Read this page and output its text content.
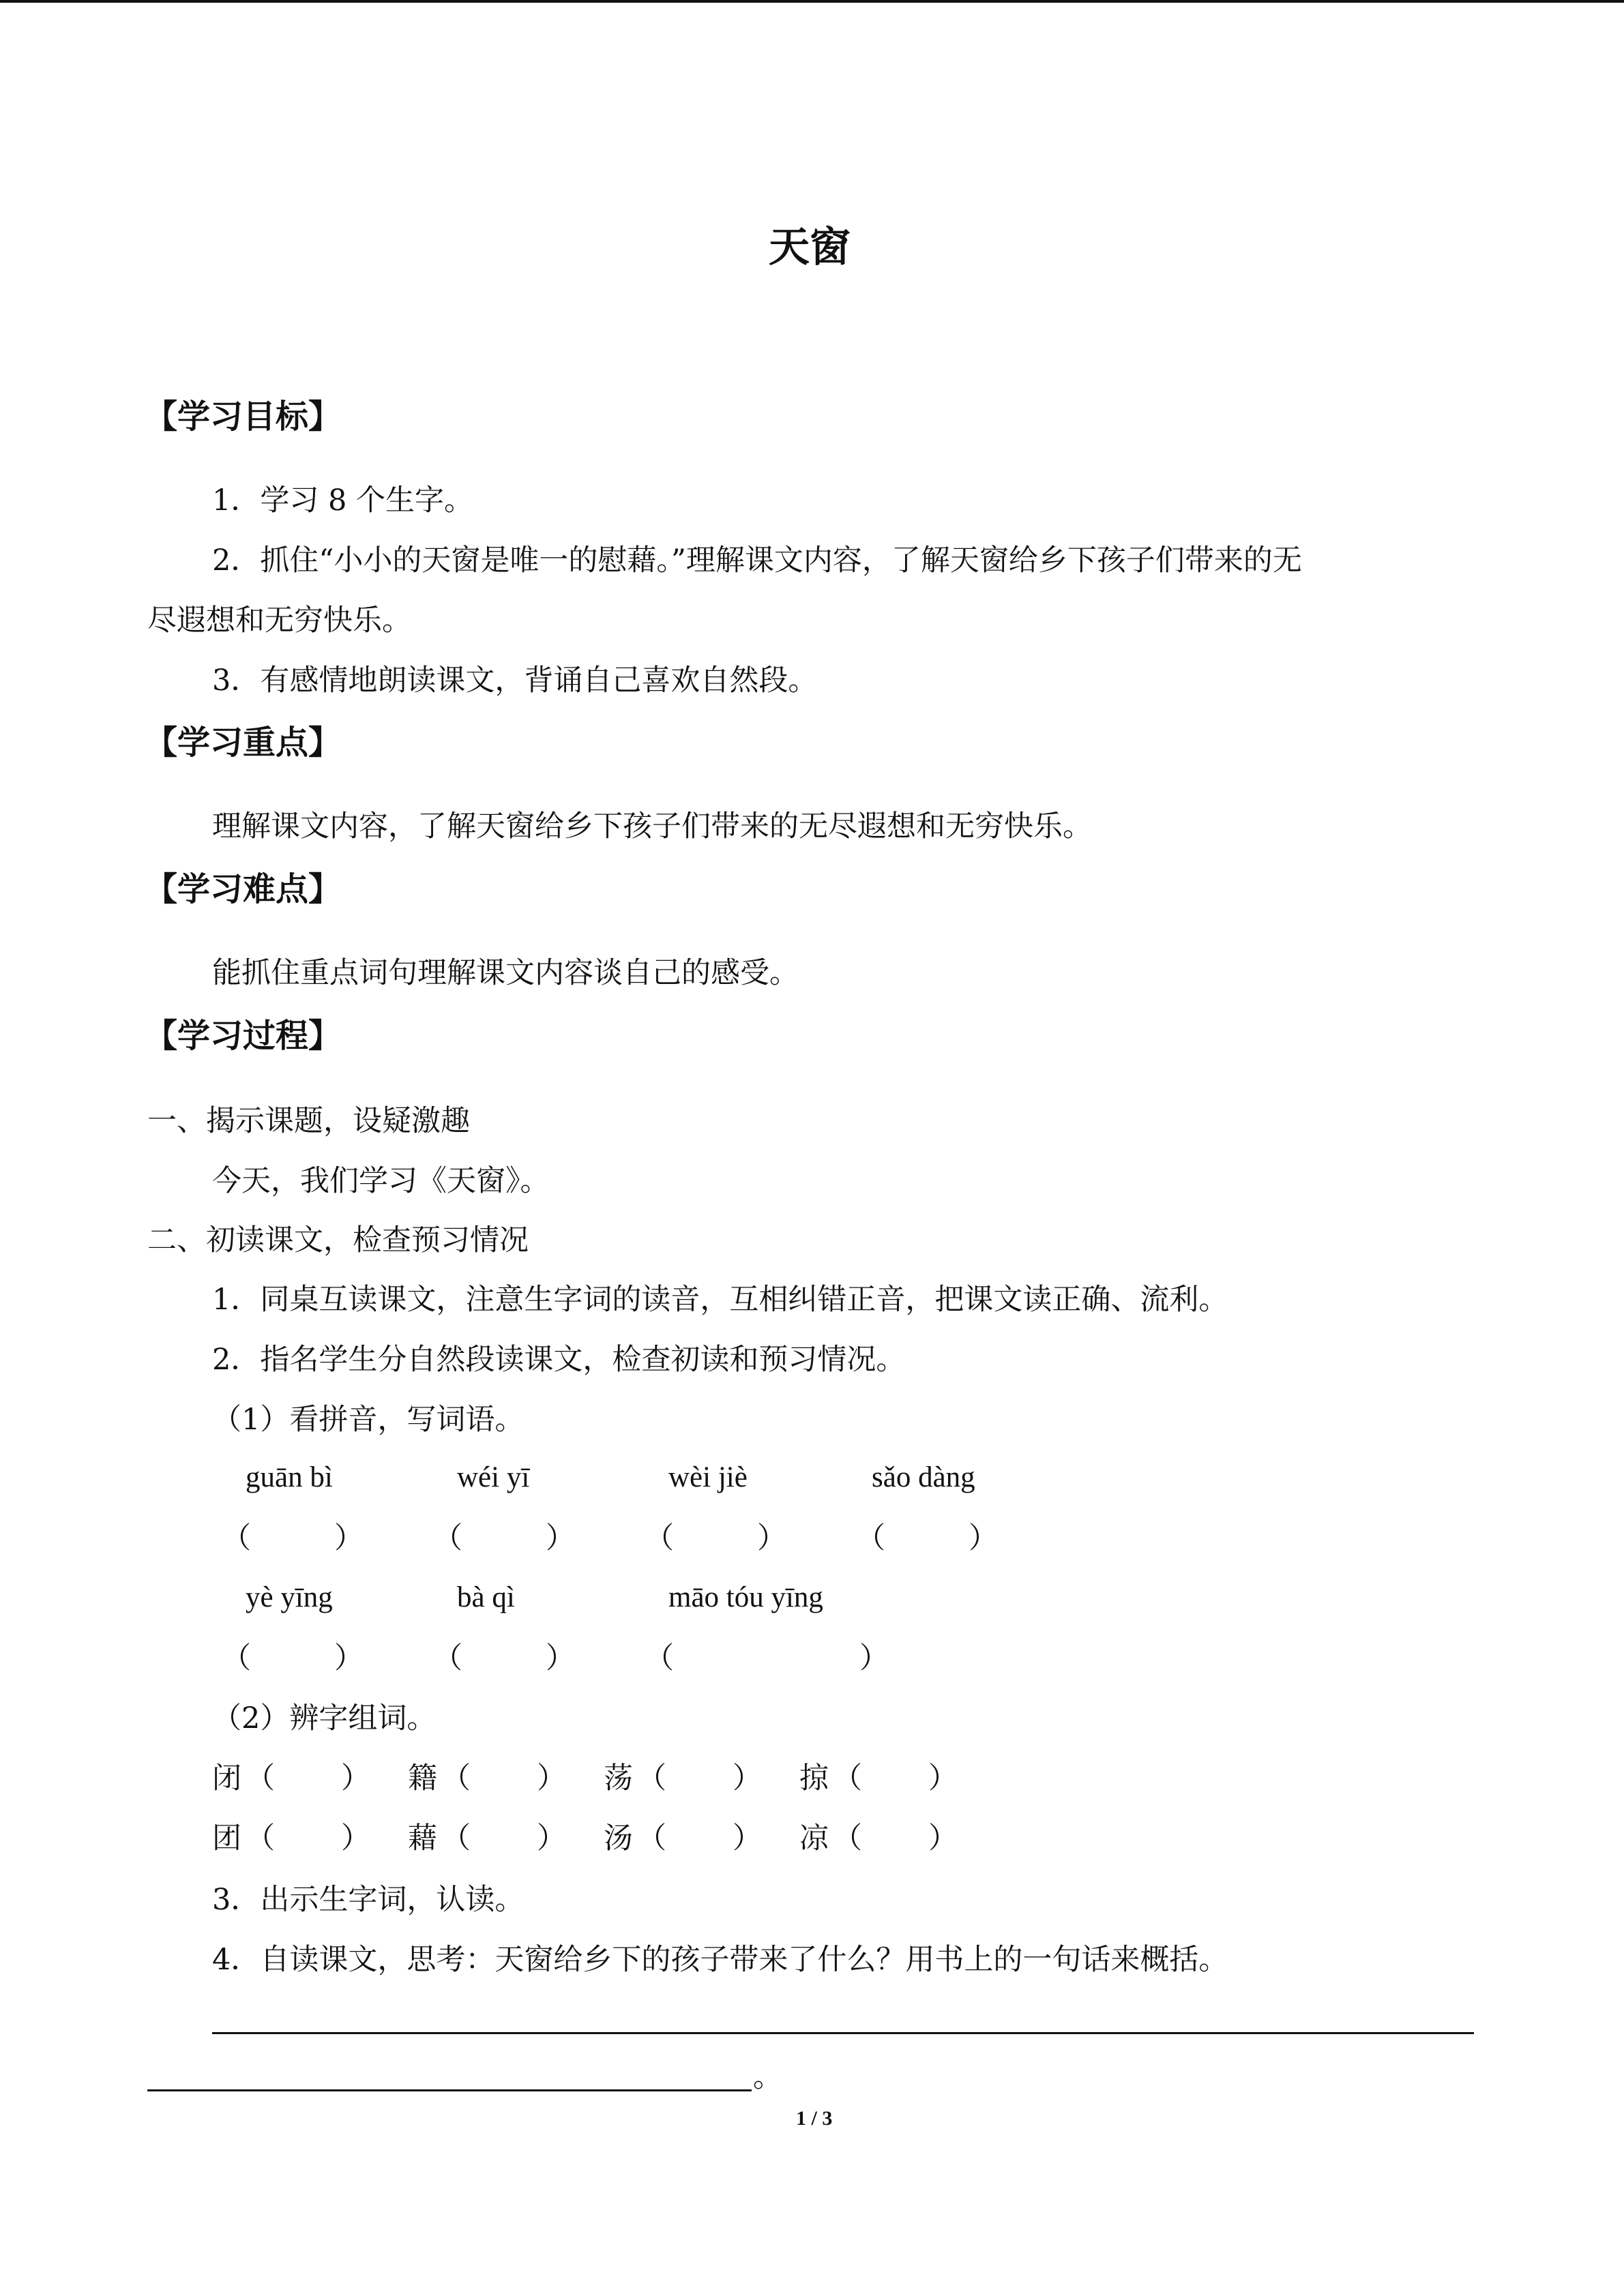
天窗
【学习目标】
1．学习 8 个生字。
2．抓住“小小的天窗是唯一的慰藉。”理解课文内容，了解天窗给乡下孩子们带来的无
尽遐想和无穷快乐。
3．有感情地朗读课文，背诵自己喜欢自然段。
【学习重点】
理解课文内容，了解天窗给乡下孩子们带来的无尽遐想和无穷快乐。
【学习难点】
能抓住重点词句理解课文内容谈自己的感受。
【学习过程】
一、揭示课题，设疑激趣
今天，我们学习《天窗》。
二、初读课文，检查预习情况
1．同桌互读课文，注意生字词的读音，互相纠错正音，把课文读正确、流利。
2．指名学生分自然段读课文，检查初读和预习情况。
（1）看拼音，写词语。
guān bì	wéi yī	wèi jiè	sǎo dàng
（	） （	） （	） （	）
yè yīng	bà qì	māo tóu yīng
（	） （	） （	）
（2）辨字组词。
闭 （ ） 籍 （ ） 荡 （ ） 掠 （ ）
团 （ ） 藉 （ ） 汤 （ ） 凉 （ ）
3．出示生字词，认读。
4．自读课文，思考：天窗给乡下的孩子带来了什么？用书上的一句话来概括。
。
1 / 3
